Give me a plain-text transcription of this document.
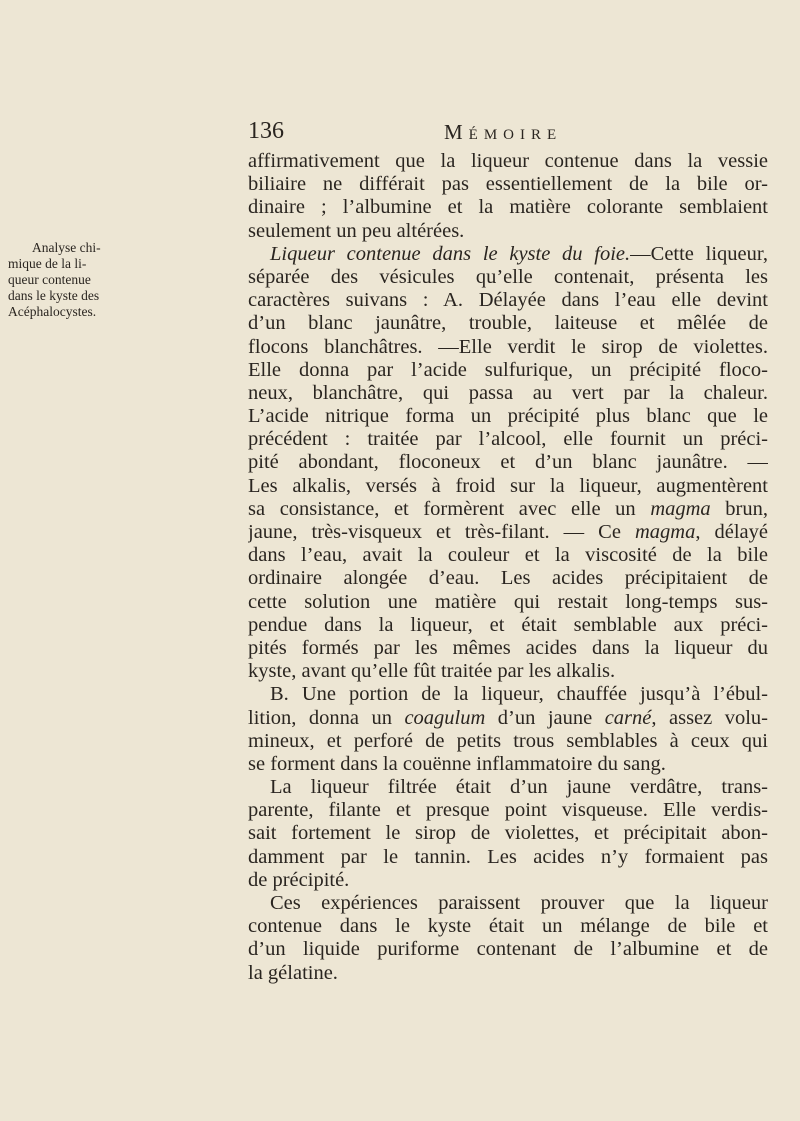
136	Mémoire
Analyse chi-
mique de la li-
queur contenue
dans le kyste des
Acéphalocystes.
affirmativement que la liqueur contenue dans la vessie
biliaire ne différait pas essentiellement de la bile or-
dinaire ; l’albumine et la matière colorante semblaient
seulement un peu altérées.
Liqueur contenue dans le kyste du foie.—Cette liqueur,
séparée des vésicules qu’elle contenait, présenta les
caractères suivans : A. Délayée dans l’eau elle devint
d’un blanc jaunâtre, trouble, laiteuse et mêlée de
flocons blanchâtres. —Elle verdit le sirop de violettes.
Elle donna par l’acide sulfurique, un précipité floco-
neux, blanchâtre, qui passa au vert par la chaleur.
L’acide nitrique forma un précipité plus blanc que le
précédent : traitée par l’alcool, elle fournit un préci-
pité abondant, floconeux et d’un blanc jaunâtre. —
Les alkalis, versés à froid sur la liqueur, augmentèrent
sa consistance, et formèrent avec elle un magma brun,
jaune, très-visqueux et très-filant. — Ce magma, délayé
dans l’eau, avait la couleur et la viscosité de la bile
ordinaire alongée d’eau. Les acides précipitaient de
cette solution une matière qui restait long-temps sus-
pendue dans la liqueur, et était semblable aux préci-
pités formés par les mêmes acides dans la liqueur du
kyste, avant qu’elle fût traitée par les alkalis.
B. Une portion de la liqueur, chauffée jusqu’à l’ébul-
lition, donna un coagulum d’un jaune carné, assez volu-
mineux, et perforé de petits trous semblables à ceux qui
se forment dans la couënne inflammatoire du sang.
La liqueur filtrée était d’un jaune verdâtre, trans-
parente, filante et presque point visqueuse. Elle verdis-
sait fortement le sirop de violettes, et précipitait abon-
damment par le tannin. Les acides n’y formaient pas
de précipité.
Ces expériences paraissent prouver que la liqueur
contenue dans le kyste était un mélange de bile et
d’un liquide puriforme contenant de l’albumine et de
la gélatine.
